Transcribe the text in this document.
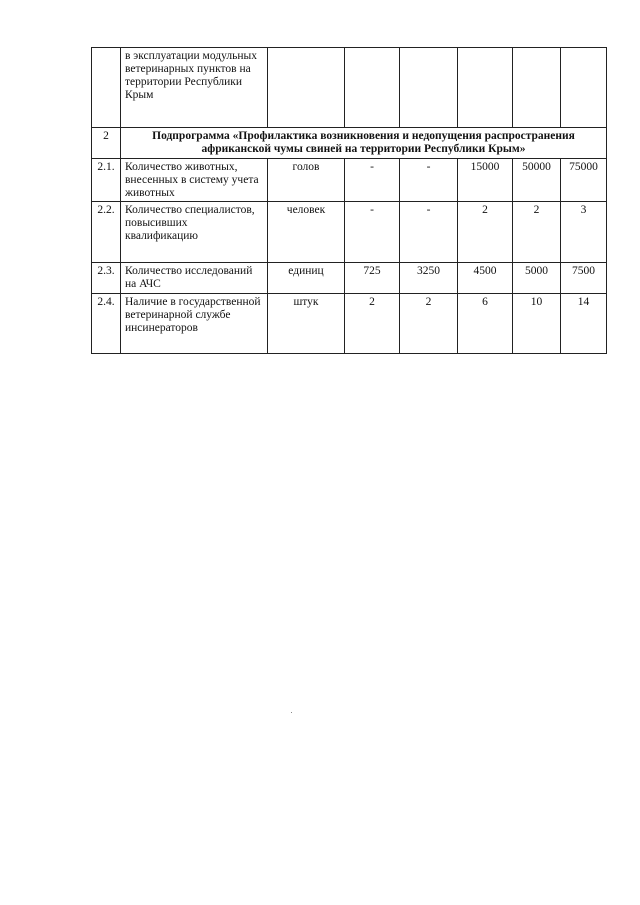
	в эксплуатации модульных ветеринарных пунктов на территории Республики Крым						
2	Подпрограмма «Профилактика возникновения и недопущения распространения африканской чумы свиней на территории Республики Крым»						
2.1.	Количество животных, внесенных в систему учета животных	голов	-	-	15000	50000	75000
2.2.	Количество специалистов, повысивших квалификацию	человек	-	-	2	2	3
2.3.	Количество исследований на АЧС	единиц	725	3250	4500	5000	7500
2.4.	Наличие в государственной ветеринарной службе инсинераторов	штук	2	2	6	10	14
